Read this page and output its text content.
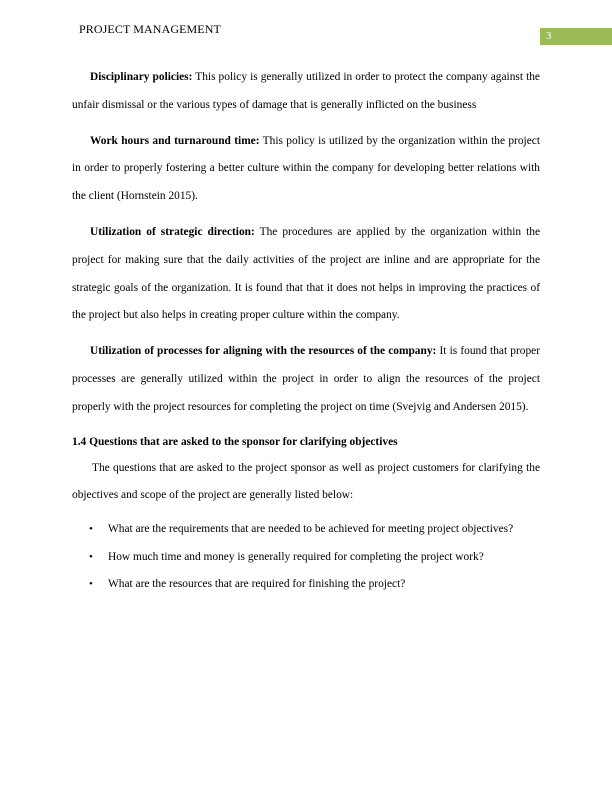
PROJECT MANAGEMENT	3

Disciplinary policies: This policy is generally utilized in order to protect the company against the unfair dismissal or the various types of damage that is generally inflicted on the business

Work hours and turnaround time: This policy is utilized by the organization within the project in order to properly fostering a better culture within the company for developing better relations with the client (Hornstein 2015).

Utilization of strategic direction: The procedures are applied by the organization within the project for making sure that the daily activities of the project are inline and are appropriate for the strategic goals of the organization. It is found that that it does not helps in improving the practices of the project but also helps in creating proper culture within the company.

Utilization of processes for aligning with the resources of the company: It is found that proper processes are generally utilized within the project in order to align the resources of the project properly with the project resources for completing the project on time (Svejvig and Andersen 2015).

1.4 Questions that are asked to the sponsor for clarifying objectives

The questions that are asked to the project sponsor as well as project customers for clarifying the objectives and scope of the project are generally listed below:

• What are the requirements that are needed to be achieved for meeting project objectives?
• How much time and money is generally required for completing the project work?
• What are the resources that are required for finishing the project?
